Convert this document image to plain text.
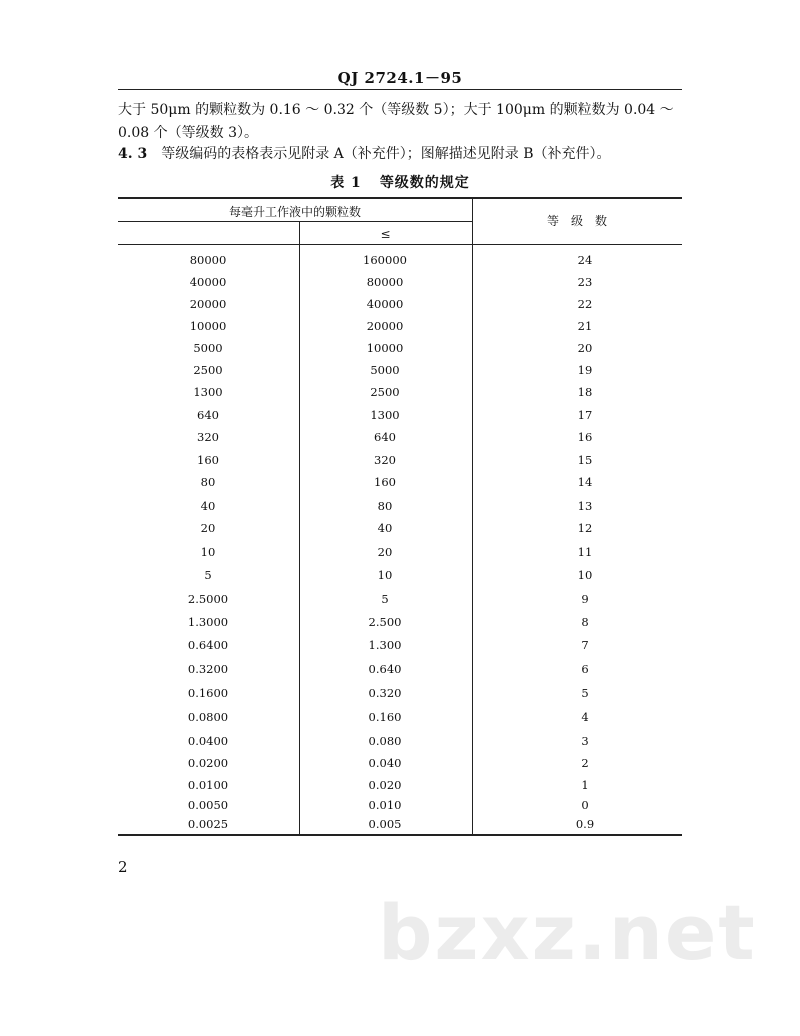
QJ 2724.1－95
大于 50μm 的颗粒数为 0.16 ～ 0.32 个（等级数 5）；大于 100μm 的颗粒数为 0.04 ～ 0.08 个（等级数 3）。
4. 3 等级编码的表格表示见附录 A（补充件）；图解描述见附录 B（补充件）。
表 1 等级数的规定
每毫升工作液中的颗粒数
≤
等　级　数
80000	160000	24
40000	80000	23
20000	40000	22
10000	20000	21
5000	10000	20
2500	5000	19
1300	2500	18
640	1300	17
320	640	16
160	320	15
80	160	14
40	80	13
20	40	12
10	20	11
5	10	10
2.5000	5	9
1.3000	2.500	8
0.6400	1.300	7
0.3200	0.640	6
0.1600	0.320	5
0.0800	0.160	4
0.0400	0.080	3
0.0200	0.040	2
0.0100	0.020	1
0.0050	0.010	0
0.0025	0.005	0.9
2
bzxz.net
